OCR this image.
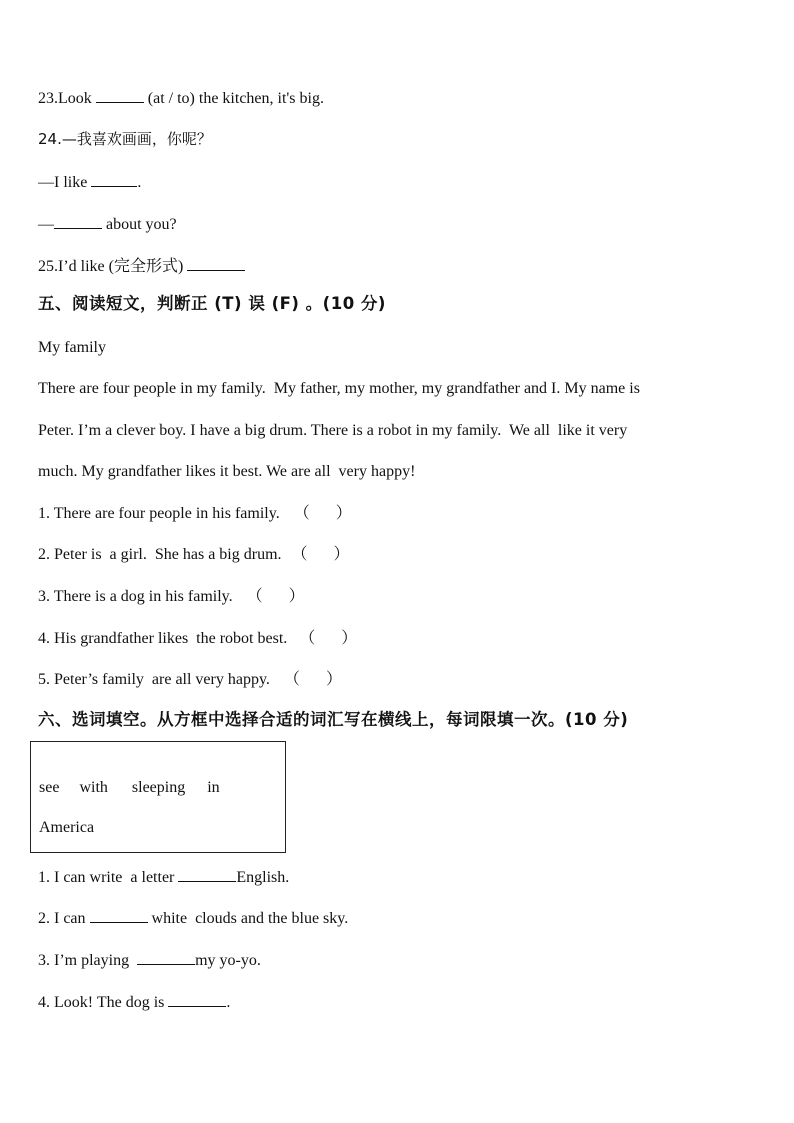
23.Look	(at / to) the kitchen, it's big.
24.—我喜欢画画，你呢？
—I like	.
—	about you?
25.I’d like (完全形式)
五、阅读短文，判断正 (T) 误 (F) 。(10 分)
My family
There are four people in my family.  My father, my mother, my grandfather and I. My name is
Peter. I’m a clever boy. I have a big drum. There is a robot in my family.  We all  like it very
much. My grandfather likes it best. We are all  very happy!
1. There are four people in his family. （ ）
2. Peter is  a girl.  She has a big drum. （ ）
3. There is a dog in his family. （ ）
4. His grandfather likes  the robot best. （ ）
5. Peter’s family  are all very happy. （ ）
六、选词填空。从方框中选择合适的词汇写在横线上，每词限填一次。(10 分)
see with sleeping in
America
1. I can write  a letter	English.
2. I can	white  clouds and the blue sky.
3. I’m playing	my yo-yo.
4. Look! The dog is	.
